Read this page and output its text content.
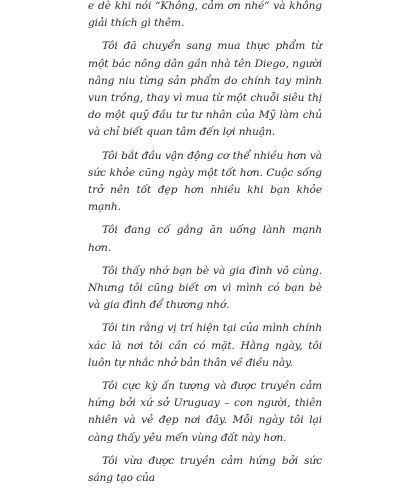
e dè khi nói “Không, cảm ơn nhé” và không giải thích gì thêm.

Tôi đã chuyển sang mua thực phẩm từ một bác nông dân gần nhà tên Diego, người nâng niu từng sản phẩm do chính tay mình vun trồng, thay vì mua từ một chuỗi siêu thị do một quỹ đầu tư tư nhân của Mỹ làm chủ và chỉ biết quan tâm đến lợi nhuận.

Tôi bắt đầu vận động cơ thể nhiều hơn và sức khỏe cũng ngày một tốt hơn. Cuộc sống trở nên tốt đẹp hơn nhiều khi bạn khỏe mạnh.

Tôi đang cố gắng ăn uống lành mạnh hơn.

Tôi thấy nhớ bạn bè và gia đình vô cùng. Nhưng tôi cũng biết ơn vì mình có bạn bè và gia đình để thương nhớ.

Tôi tin rằng vị trí hiện tại của mình chính xác là nơi tôi cần có mặt. Hằng ngày, tôi luôn tự nhắc nhở bản thân về điều này.

Tôi cực kỳ ấn tượng và được truyền cảm hứng bởi xứ sở Uruguay – con người, thiên nhiên và vẻ đẹp nơi đây. Mỗi ngày tôi lại càng thấy yêu mến vùng đất này hơn.

Tôi vừa được truyền cảm hứng bởi sức sáng tạo của
